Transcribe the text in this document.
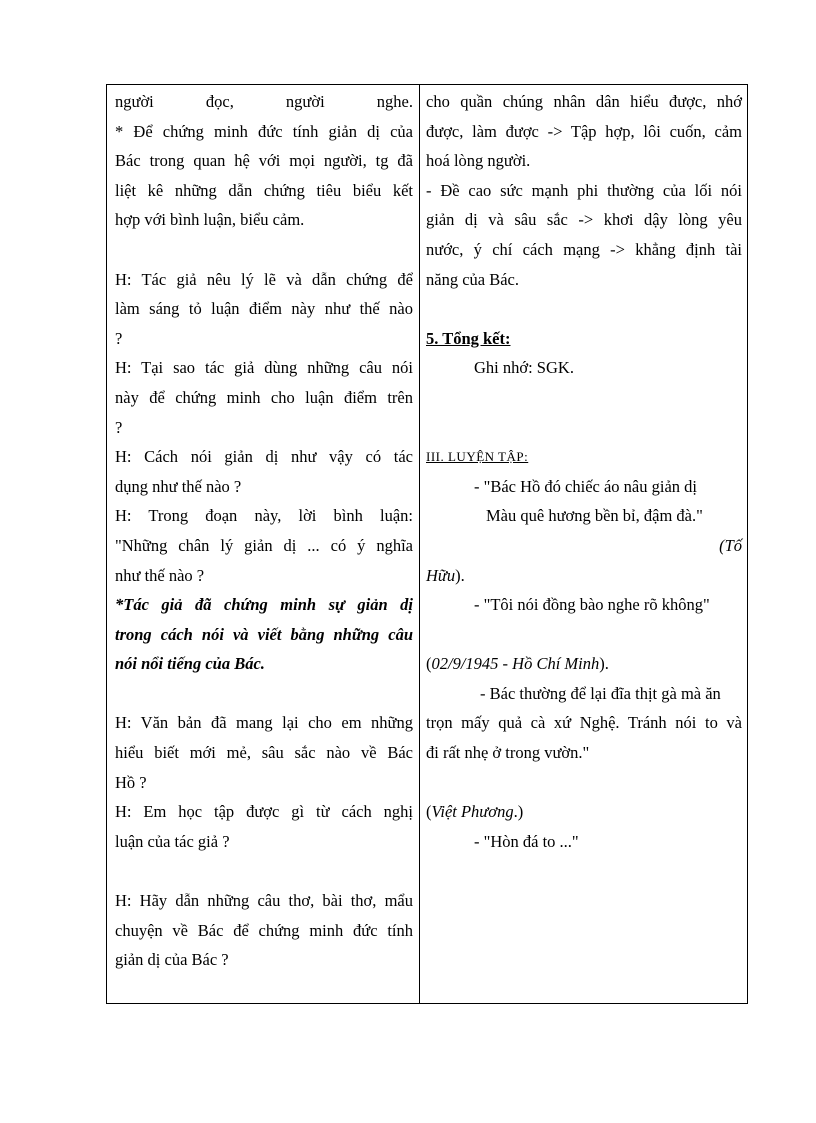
người đọc, người nghe.

* Để chứng minh đức tính giản dị của

Bác trong quan hệ với mọi người, tg đã

liệt kê những dẫn chứng tiêu biểu kết

hợp với bình luận, biểu cảm.

H: Tác giả nêu lý lẽ và dẫn chứng để

làm sáng tỏ luận điểm này như thế nào

?

H: Tại sao tác giả dùng những câu nói

này để chứng minh cho luận điểm trên

?

H: Cách nói giản dị như vậy có tác

dụng như thế nào ?

H: Trong đoạn này, lời bình luận:

"Những chân lý giản dị ... có ý nghĩa

như thế nào ?

*Tác giả đã chứng minh sự giản dị

trong cách nói và viết bằng những câu

nói nổi tiếng của Bác.

H: Văn bản đã mang lại cho em những

hiểu biết mới mẻ, sâu sắc nào về Bác

Hồ ?

H: Em học tập được gì từ cách nghị

luận của tác giả ?

H: Hãy dẫn những câu thơ, bài thơ, mẩu

chuyện về Bác để chứng minh đức tính

giản dị của Bác ?

cho quần chúng nhân dân hiểu được, nhớ

được, làm được -> Tập hợp, lôi cuốn, cảm

hoá lòng người.

- Đề cao sức mạnh phi thường của lối nói

giản dị và sâu sắc -> khơi dậy lòng yêu

nước, ý chí cách mạng -> khẳng định tài

năng của Bác.

5. Tổng kết:

Ghi nhớ: SGK.

III. LUYỆN TẬP:

- "Bác Hồ đó chiếc áo nâu giản dị

Màu quê hương bền bỉ, đậm đà."

(Tố

Hữu).

- "Tôi nói đồng bào nghe rõ không"

(02/9/1945 - Hồ Chí Minh).

- Bác thường để lại đĩa thịt gà mà ăn

trọn mấy quả cà xứ Nghệ. Tránh nói to và

đi rất nhẹ ở trong vườn."

(Việt Phương.)

- "Hòn đá to ..."
